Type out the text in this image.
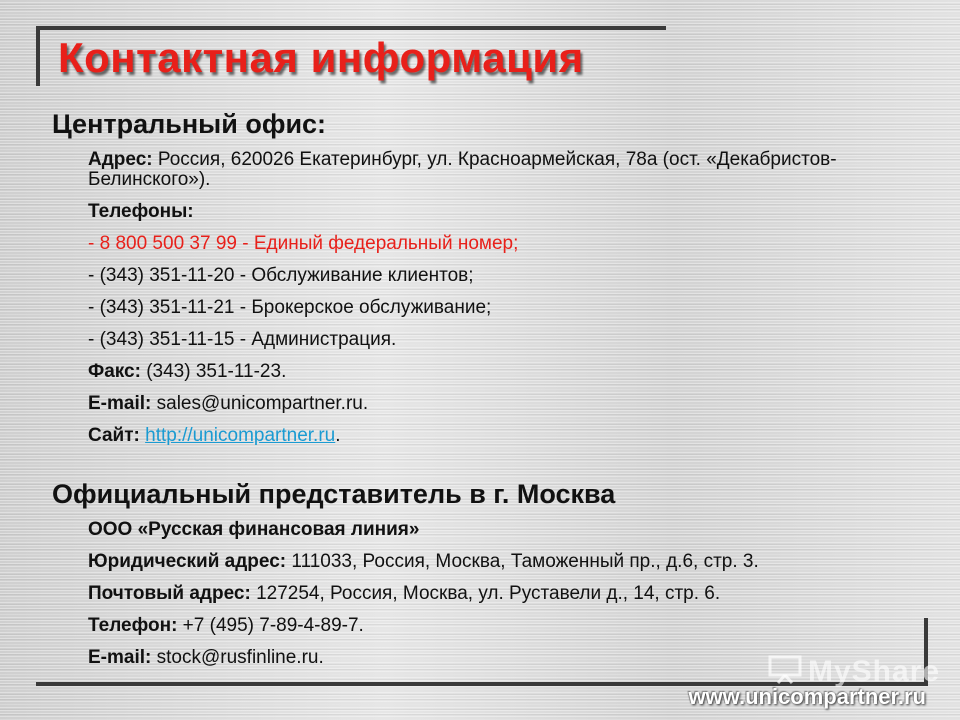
Контактная информация
Центральный офис:
Адрес: Россия, 620026 Екатеринбург, ул. Красноармейская, 78а (ост. «Декабристов-Белинского»).
Телефоны:
- 8 800 500 37 99 - Единый федеральный номер;
- (343) 351-11-20 - Обслуживание клиентов;
- (343) 351-11-21 - Брокерское обслуживание;
- (343) 351-11-15 - Администрация.
Факс: (343) 351-11-23.
E-mail: sales@unicompartner.ru.
Сайт: http://unicompartner.ru.
Официальный представитель в г. Москва
ООО «Русская финансовая линия»
Юридический адрес: 111033, Россия, Москва, Таможенный пр., д.6, стр. 3.
Почтовый адрес: 127254, Россия, Москва, ул. Руставели д., 14, стр. 6.
Телефон: +7 (495) 7-89-4-89-7.
E-mail: stock@rusfinline.ru.	MyShare
www.unicompartner.ru
